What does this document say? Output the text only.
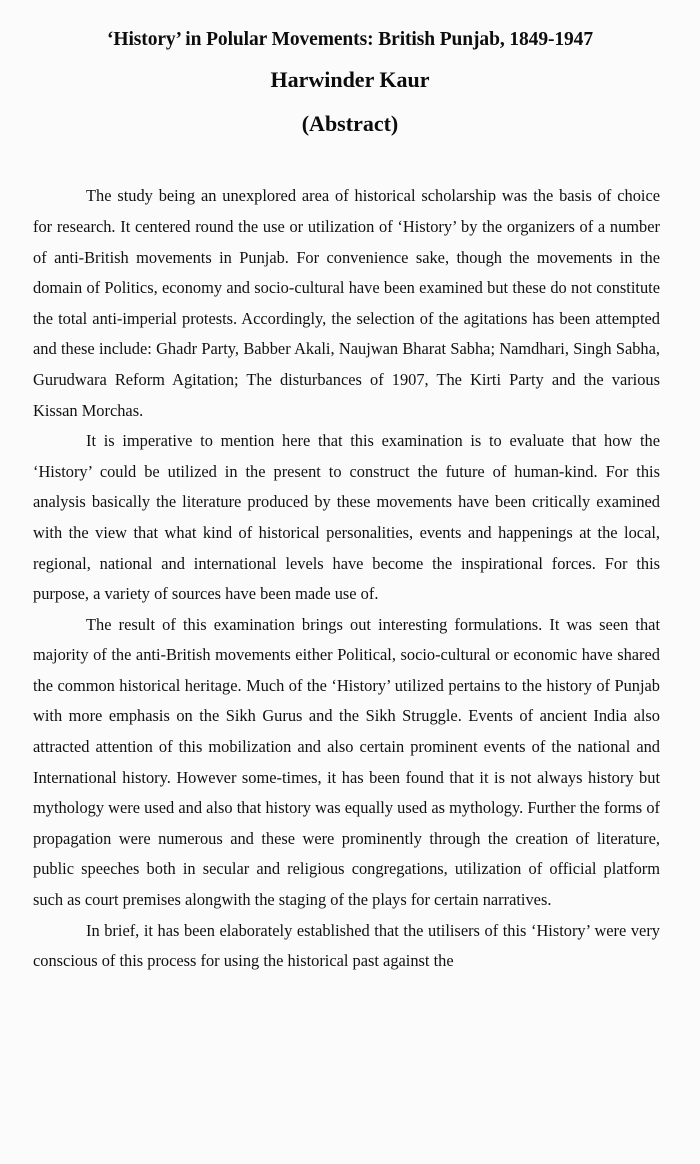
‘History’ in Polular Movements: British Punjab, 1849-1947
Harwinder Kaur
(Abstract)

The study being an unexplored area of historical scholarship was the basis of choice for research. It centered round the use or utilization of ‘History’ by the organizers of a number of anti-British movements in Punjab. For convenience sake, though the movements in the domain of Politics, economy and socio-cultural have been examined but these do not constitute the total anti-imperial protests. Accordingly, the selection of the agitations has been attempted and these include: Ghadr Party, Babber Akali, Naujwan Bharat Sabha; Namdhari, Singh Sabha, Gurudwara Reform Agitation; The disturbances of 1907, The Kirti Party and the various Kissan Morchas.

It is imperative to mention here that this examination is to evaluate that how the ‘History’ could be utilized in the present to construct the future of human-kind. For this analysis basically the literature produced by these movements have been critically examined with the view that what kind of historical personalities, events and happenings at the local, regional, national and international levels have become the inspirational forces. For this purpose, a variety of sources have been made use of.

The result of this examination brings out interesting formulations. It was seen that majority of the anti-British movements either Political, socio-cultural or economic have shared the common historical heritage. Much of the ‘History’ utilized pertains to the history of Punjab with more emphasis on the Sikh Gurus and the Sikh Struggle. Events of ancient India also attracted attention of this mobilization and also certain prominent events of the national and International history. However some-times, it has been found that it is not always history but mythology were used and also that history was equally used as mythology. Further the forms of propagation were numerous and these were prominently through the creation of literature, public speeches both in secular and religious congregations, utilization of official platform such as court premises alongwith the staging of the plays for certain narratives.

In brief, it has been elaborately established that the utilisers of this ‘History’ were very conscious of this process for using the historical past against the
